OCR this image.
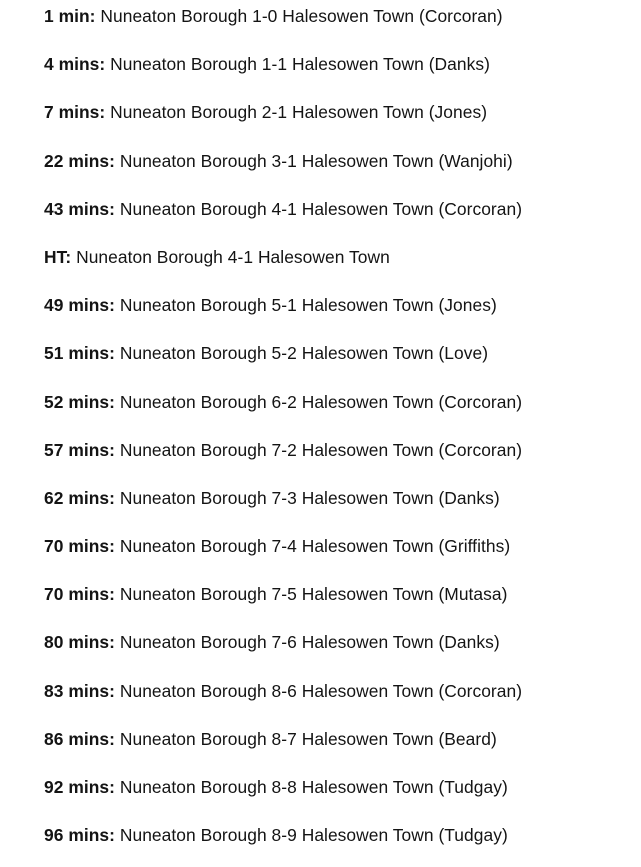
1 min: Nuneaton Borough 1-0 Halesowen Town (Corcoran)
4 mins: Nuneaton Borough 1-1 Halesowen Town (Danks)
7 mins: Nuneaton Borough 2-1 Halesowen Town (Jones)
22 mins: Nuneaton Borough 3-1 Halesowen Town (Wanjohi)
43 mins: Nuneaton Borough 4-1 Halesowen Town (Corcoran)
HT: Nuneaton Borough 4-1 Halesowen Town
49 mins: Nuneaton Borough 5-1 Halesowen Town (Jones)
51 mins: Nuneaton Borough 5-2 Halesowen Town (Love)
52 mins: Nuneaton Borough 6-2 Halesowen Town (Corcoran)
57 mins: Nuneaton Borough 7-2 Halesowen Town (Corcoran)
62 mins: Nuneaton Borough 7-3 Halesowen Town (Danks)
70 mins: Nuneaton Borough 7-4 Halesowen Town (Griffiths)
70 mins: Nuneaton Borough 7-5 Halesowen Town (Mutasa)
80 mins: Nuneaton Borough 7-6 Halesowen Town (Danks)
83 mins: Nuneaton Borough 8-6 Halesowen Town (Corcoran)
86 mins: Nuneaton Borough 8-7 Halesowen Town (Beard)
92 mins: Nuneaton Borough 8-8 Halesowen Town (Tudgay)
96 mins: Nuneaton Borough 8-9 Halesowen Town (Tudgay)
